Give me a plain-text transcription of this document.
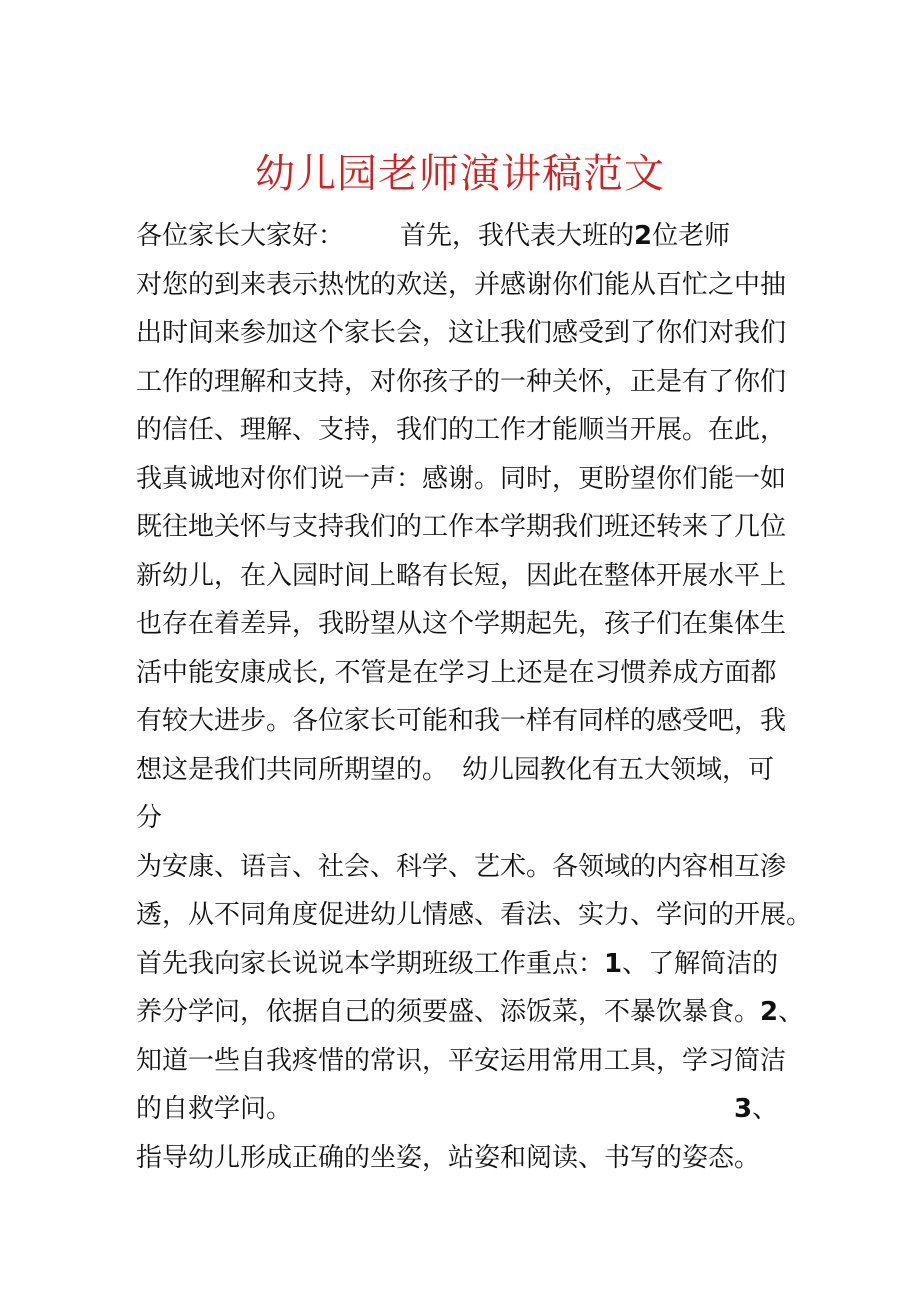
幼儿园老师演讲稿范文
各位家长大家好： 首先，我代表大班的2位老师
对您的到来表示热忱的欢送，并感谢你们能从百忙之中抽
出时间来参加这个家长会，这让我们感受到了你们对我们
工作的理解和支持，对你孩子的一种关怀，正是有了你们
的信任、理解、支持，我们的工作才能顺当开展。在此，
我真诚地对你们说一声：感谢。同时，更盼望你们能一如
既往地关怀与支持我们的工作本学期我们班还转来了几位
新幼儿，在入园时间上略有长短，因此在整体开展水平上
也存在着差异，我盼望从这个学期起先，孩子们在集体生
活中能安康成长, 不管是在学习上还是在习惯养成方面都
有较大进步。各位家长可能和我一样有同样的感受吧，我
想这是我们共同所期望的。 幼儿园教化有五大领域，可
分
为安康、语言、社会、科学、艺术。各领域的内容相互渗
透，从不同角度促进幼儿情感、看法、实力、学问的开展。
首先我向家长说说本学期班级工作重点：1、了解简洁的
养分学问，依据自己的须要盛、添饭菜，不暴饮暴食。2、
知道一些自我疼惜的常识，平安运用常用工具，学习简洁
的自救学问。	3、
指导幼儿形成正确的坐姿，站姿和阅读、书写的姿态。
